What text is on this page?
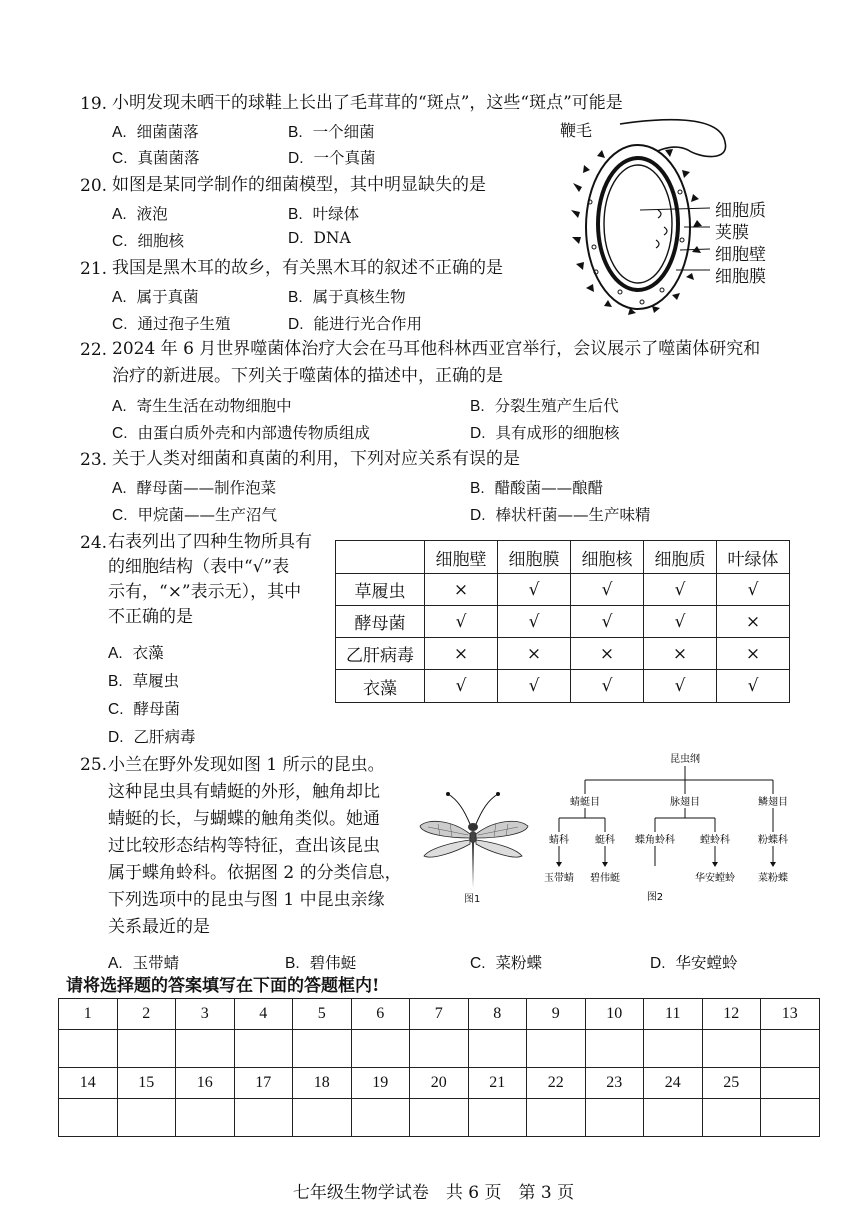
19. 小明发现未晒干的球鞋上长出了毛茸茸的“斑点”，这些“斑点”可能是
A. 细菌菌落	B. 一个细菌
C. 真菌菌落	D. 一个真菌
20. 如图是某同学制作的细菌模型，其中明显缺失的是
A. 液泡	B. 叶绿体
C. 细胞核	D. DNA
21. 我国是黑木耳的故乡，有关黑木耳的叙述不正确的是
A. 属于真菌	B. 属于真核生物
C. 通过孢子生殖	D. 能进行光合作用
鞭毛
细胞质
荚膜
细胞壁
细胞膜
22. 2024 年 6 月世界噬菌体治疗大会在马耳他科林西亚宫举行，会议展示了噬菌体研究和
治疗的新进展。下列关于噬菌体的描述中，正确的是
A. 寄生生活在动物细胞中	B. 分裂生殖产生后代
C. 由蛋白质外壳和内部遗传物质组成	D. 具有成形的细胞核
23. 关于人类对细菌和真菌的利用，下列对应关系有误的是
A. 酵母菌——制作泡菜	B. 醋酸菌——酿醋
C. 甲烷菌——生产沼气	D. 棒状杆菌——生产味精
24. 右表列出了四种生物所具有
的细胞结构（表中“√”表
示有，“×”表示无），其中
不正确的是
A. 衣藻
B. 草履虫
C. 酵母菌
D. 乙肝病毒
	细胞壁	细胞膜	细胞核	细胞质	叶绿体
草履虫	×	√	√	√	√
酵母菌	√	√	√	√	×
乙肝病毒	×	×	×	×	×
衣藻	√	√	√	√	√
25. 小兰在野外发现如图 1 所示的昆虫。
这种昆虫具有蜻蜓的外形，触角却比
蜻蜓的长，与蝴蝶的触角类似。她通
过比较形态结构等特征，查出该昆虫
属于蝶角蛉科。依据图 2 的分类信息，
下列选项中的昆虫与图 1 中昆虫亲缘
关系最近的是
图1
昆虫纲
蜻蜓目	脉翅目	鳞翅目
蜻科	蜓科 蝶角蛉科	螳蛉科	粉蝶科
玉带蜻 碧伟蜓	华安螳蛉 菜粉蝶
图2
A. 玉带蜻	B. 碧伟蜓	C. 菜粉蝶	D. 华安螳蛉
请将选择题的答案填写在下面的答题框内!
1	2	3	4	5	6	7	8	9	10	11	12	13

14	15	16	17	18	19	20	21	22	23	24	25	

七年级生物学试卷　共 6 页　第 3 页
